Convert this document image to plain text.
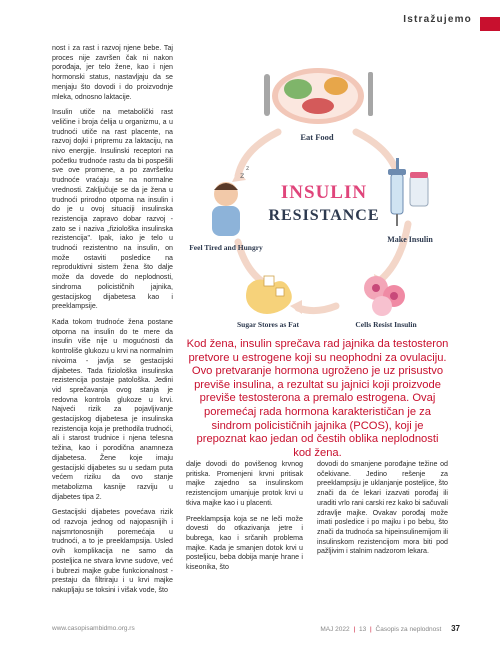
Istražujemo

nost i za rast i razvoj njene bebe. Taj proces nije završen čak ni nakon porođaja, jer telo žene, kao i njen hormonski status, nastavljaju da se menjaju što dovodi i do proizvodnje mleka, odnosno laktacije.

Insulin utiče na metabolički rast veličine i broja ćelija u organizmu, a u trudnoći utiče na rast placente, na razvoj dojki i pripremu za laktaciju, na nivo energije. Insulinski receptori na početku trudnoće rastu da bi pospešili sve ove promene, a po završetku trudnoće vraćaju se na normalne vrednosti. Zaključuje se da je žena u trudnoći prirodno otporna na insulin i do je u ovoj situaciji insulinska rezistencija zapravo dobar razvoj - zato se i naziva „fiziološka insulinska rezistencija". Ipak, iako je telo u trudnoći rezistentno na insulin, on može ostaviti posledice na reproduktivni sistem žena što dalje može da dovede do neplodnosti, sindroma policističnih jajnika, gestacijskog dijabetesa kao i preeklampsije.

Kada tokom trudnoće žena postane otporna na insulin do te mere da insulin više nije u mogućnosti da kontroliše glukozu u krvi na normalnim nivoima - javlja se gestacijski dijabetes. Tada fiziološka insulinska rezistencija postaje patološka. Jedini vid sprečavanja ovog stanja je redovna kontrola glukoze u krvi. Najveći rizik za pojavljivanje gestacijskog dijabetesa je insulinska rezistencija koja je prethodila trudnoći, ali i starost trudnice i njena telesna težina, kao i porodična anamneza dijabetesa. Žene koje imaju gestacijski dijabetes su u sedam puta većem riziku da ovo stanje metabolizma kasnije razviju u dijabetes tipa 2.

Gestacijski dijabetes povećava rizik od razvoja jednog od najopasnijih i najsmrtonosnijih poremećaja u trudnoći, a to je preeklampsija. Usled ovih komplikacija ne samo da posteljica ne stvara krvne sudove, već i bubrezi majke gube funkcionalnost - prestaju da filtriraju i u krvi majke nakupljaju se toksini i višak vode, što

Eat Food
Make Insulin
Cells Resist Insulin
Sugar Stores as Fat
z
z
Feel Tired and Hungry
INSULIN
RESISTANCE
Kod žena, insulin sprečava rad jajnika da testosteron pretvore u estrogene koji su neophodni za ovulaciju. Ovo pretvaranje hormona ugroženo je uz prisustvo previše insulina, a rezultat su jajnici koji proizvode previše testosterona a premalo estrogena. Ovaj poremećaj rada hormona karakterističan je za sindrom policističnih jajnika (PCOS), koji je prepoznat kao jedan od čestih oblika neplodnosti kod žena.

dalje dovodi do povišenog krvnog pritiska. Promenjeni krvni pritisak majke zajedno sa insulinskom rezistencijom umanjuje protok krvi u tkiva majke kao i u placenti.

Preeklampsija koja se ne leči može dovesti do otkazivanja jetre i bubrega, kao i srčanih problema majke. Kada je smanjen dotok krvi u posteljicu, beba dobija manje hrane i kiseonika, što

dovodi do smanjene porođajne težine od očekivane. Jedino rešenje za preeklampsiju je uklanjanje posteljice, što znači da će lekari izazvati porođaj ili uraditi vrlo rani carski rez kako bi sačuvali zdravlje majke. Ovakav porođaj može imati posledice i po majku i po bebu, što znači da trudnoća sa hipeinsulinemijom ili insulinskom rezistencijom mora biti pod pažljivim i stalnim nadzorom lekara.

www.casopisambidmo.org.rs	MAJ 2022 | 13 | Časopis za neplodnost 37
